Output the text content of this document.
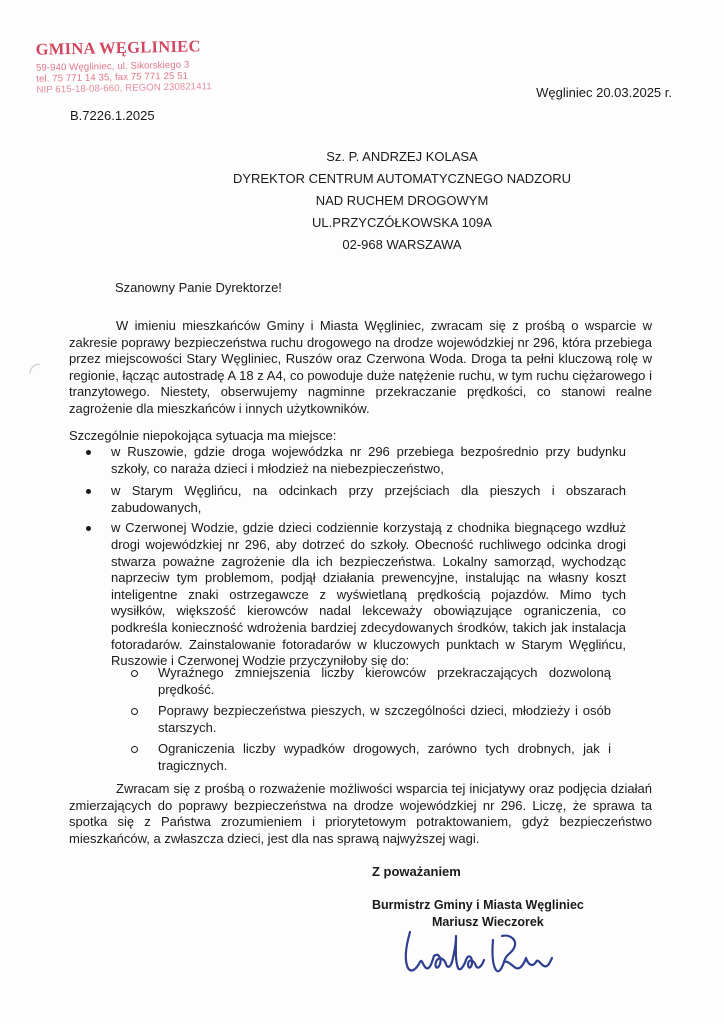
GMINA WĘGLINIEC
59-940 Węgliniec, ul. Sikorskiego 3
tel. 75 771 14 35, fax 75 771 25 51
NIP 615-18-08-660, REGON 230821411	Węgliniec 20.03.2025 r.
B.7226.1.2025
Sz. P. ANDRZEJ KOLASA
DYREKTOR CENTRUM AUTOMATYCZNEGO NADZORU
NAD RUCHEM DROGOWYM
UL.PRZYCZÓŁKOWSKA 109A
02-968 WARSZAWA
Szanowny Panie Dyrektorze!
W imieniu mieszkańców Gminy i Miasta Węgliniec, zwracam się z prośbą o wsparcie w zakresie poprawy bezpieczeństwa ruchu drogowego na drodze wojewódzkiej nr 296, która przebiega przez miejscowości Stary Węgliniec, Ruszów oraz Czerwona Woda. Droga ta pełni kluczową rolę w regionie, łącząc autostradę A 18 z A4, co powoduje duże natężenie ruchu, w tym ruchu ciężarowego i tranzytowego. Niestety, obserwujemy nagminne przekraczanie prędkości, co stanowi realne zagrożenie dla mieszkańców i innych użytkowników.
Szczególnie niepokojąca sytuacja ma miejsce:
w Ruszowie, gdzie droga wojewódzka nr 296 przebiega bezpośrednio przy budynku szkoły, co naraża dzieci i młodzież na niebezpieczeństwo,
w Starym Węglińcu, na odcinkach przy przejściach dla pieszych i obszarach zabudowanych,
w Czerwonej Wodzie, gdzie dzieci codziennie korzystają z chodnika biegnącego wzdłuż drogi wojewódzkiej nr 296, aby dotrzeć do szkoły. Obecność ruchliwego odcinka drogi stwarza poważne zagrożenie dla ich bezpieczeństwa. Lokalny samorząd, wychodząc naprzeciw tym problemom, podjął działania prewencyjne, instalując na własny koszt inteligentne znaki ostrzegawcze z wyświetlaną prędkością pojazdów. Mimo tych wysiłków, większość kierowców nadal lekceważy obowiązujące ograniczenia, co podkreśla konieczność wdrożenia bardziej zdecydowanych środków, takich jak instalacja fotoradarów. Zainstalowanie fotoradarów w kluczowych punktach w Starym Węglińcu, Ruszowie i Czerwonej Wodzie przyczyniłoby się do:
Wyraźnego zmniejszenia liczby kierowców przekraczających dozwoloną prędkość.
Poprawy bezpieczeństwa pieszych, w szczególności dzieci, młodzieży i osób starszych.
Ograniczenia liczby wypadków drogowych, zarówno tych drobnych, jak i tragicznych.
Zwracam się z prośbą o rozważenie możliwości wsparcia tej inicjatywy oraz podjęcia działań zmierzających do poprawy bezpieczeństwa na drodze wojewódzkiej nr 296. Liczę, że sprawa ta spotka się z Państwa zrozumieniem i priorytetowym potraktowaniem, gdyż bezpieczeństwo mieszkańców, a zwłaszcza dzieci, jest dla nas sprawą najwyższej wagi.
Z poważaniem
Burmistrz Gminy i Miasta Węgliniec
Mariusz Wieczorek
